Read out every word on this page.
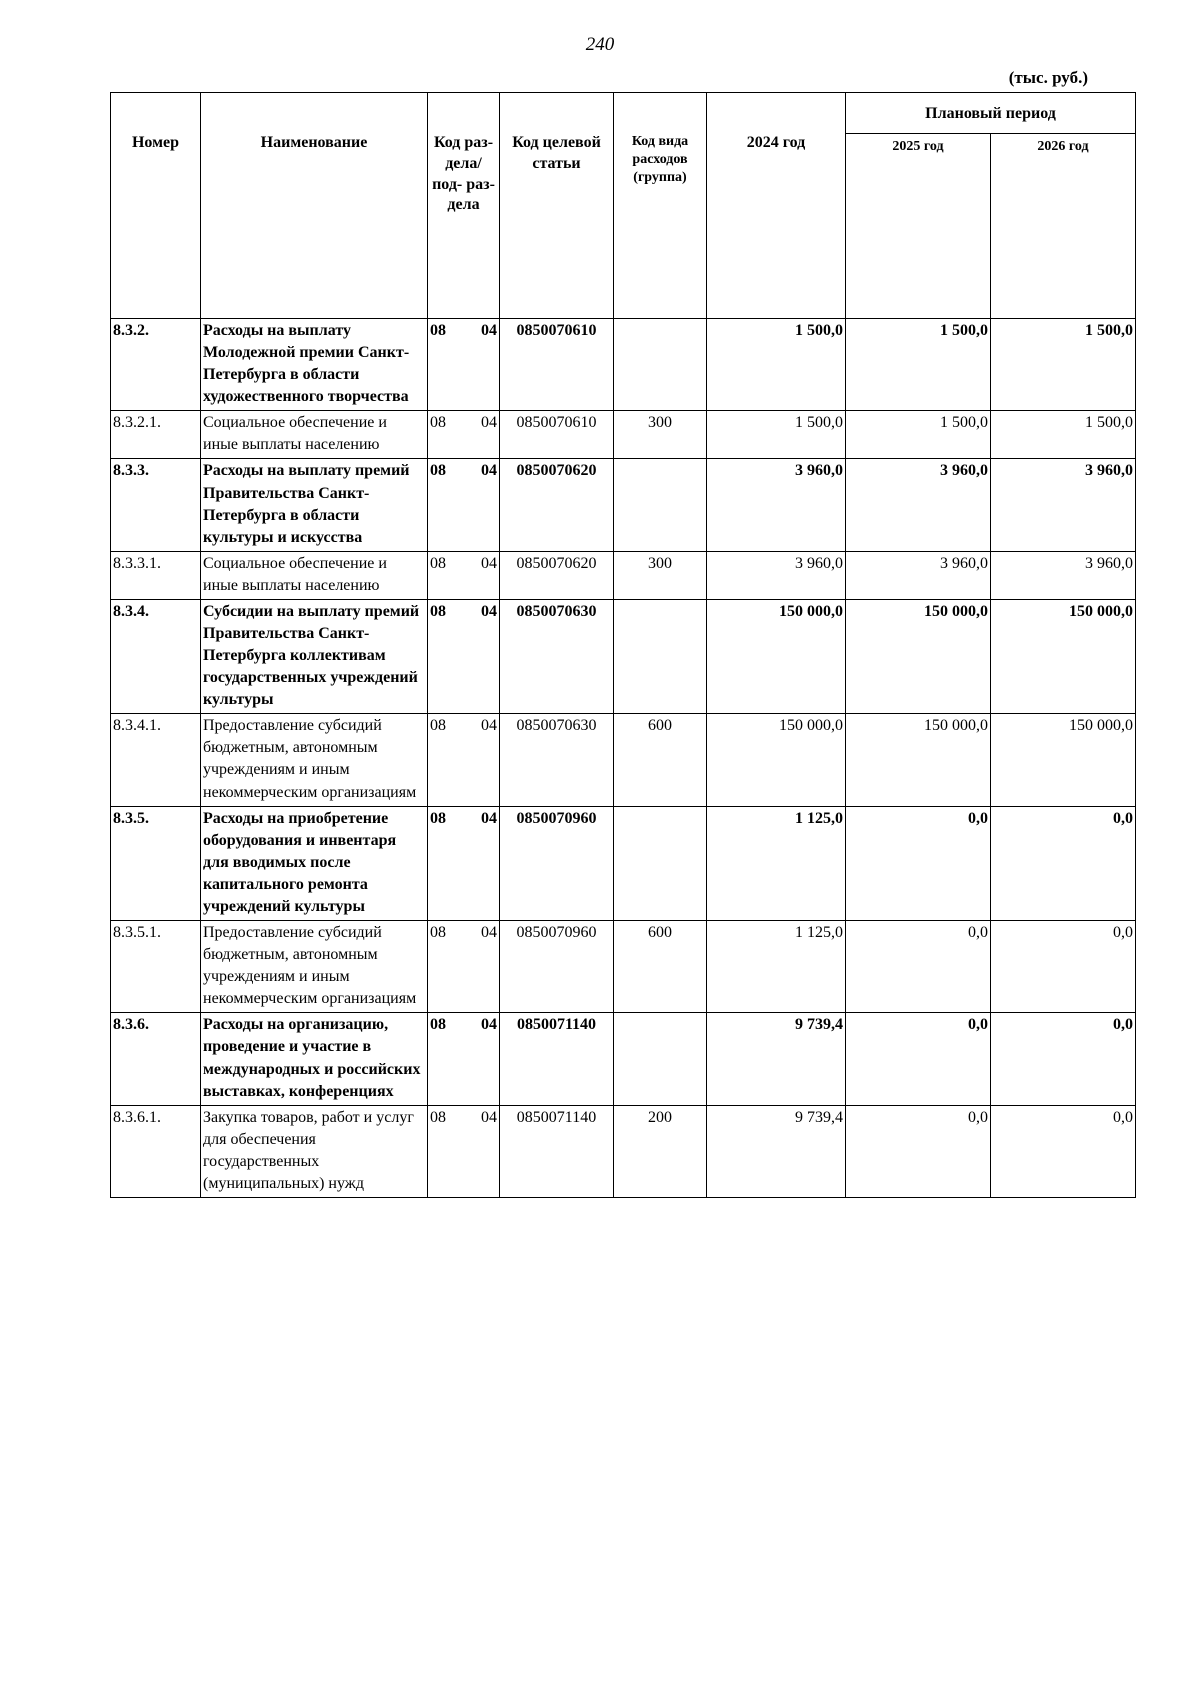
240
(тыс. руб.)
Номер	Наименование	Код раз- дела/ под- раз- дела	Код целевой статьи	Код вида расходов (группа)	2024 год	Плановый период	
						2025 год	2026 год
8.3.2.	Расходы на выплату Молодежной премии Санкт-Петербурга в области художественного творчества	08 04	0850070610		1 500,0	1 500,0	1 500,0
8.3.2.1.	Социальное обеспечение и иные выплаты населению	08 04	0850070610	300	1 500,0	1 500,0	1 500,0
8.3.3.	Расходы на выплату премий Правительства Санкт-Петербурга в области культуры и искусства	08 04	0850070620		3 960,0	3 960,0	3 960,0
8.3.3.1.	Социальное обеспечение и иные выплаты населению	08 04	0850070620	300	3 960,0	3 960,0	3 960,0
8.3.4.	Субсидии на выплату премий Правительства Санкт-Петербурга коллективам государственных учреждений культуры	08 04	0850070630		150 000,0	150 000,0	150 000,0
8.3.4.1.	Предоставление субсидий бюджетным, автономным учреждениям и иным некоммерческим организациям	08 04	0850070630	600	150 000,0	150 000,0	150 000,0
8.3.5.	Расходы на приобретение оборудования и инвентаря для вводимых после капитального ремонта учреждений культуры	08 04	0850070960		1 125,0	0,0	0,0
8.3.5.1.	Предоставление субсидий бюджетным, автономным учреждениям и иным некоммерческим организациям	08 04	0850070960	600	1 125,0	0,0	0,0
8.3.6.	Расходы на организацию, проведение и участие в международных и российских выставках, конференциях	08 04	0850071140		9 739,4	0,0	0,0
8.3.6.1.	Закупка товаров, работ и услуг для обеспечения государственных (муниципальных) нужд	08 04	0850071140	200	9 739,4	0,0	0,0
